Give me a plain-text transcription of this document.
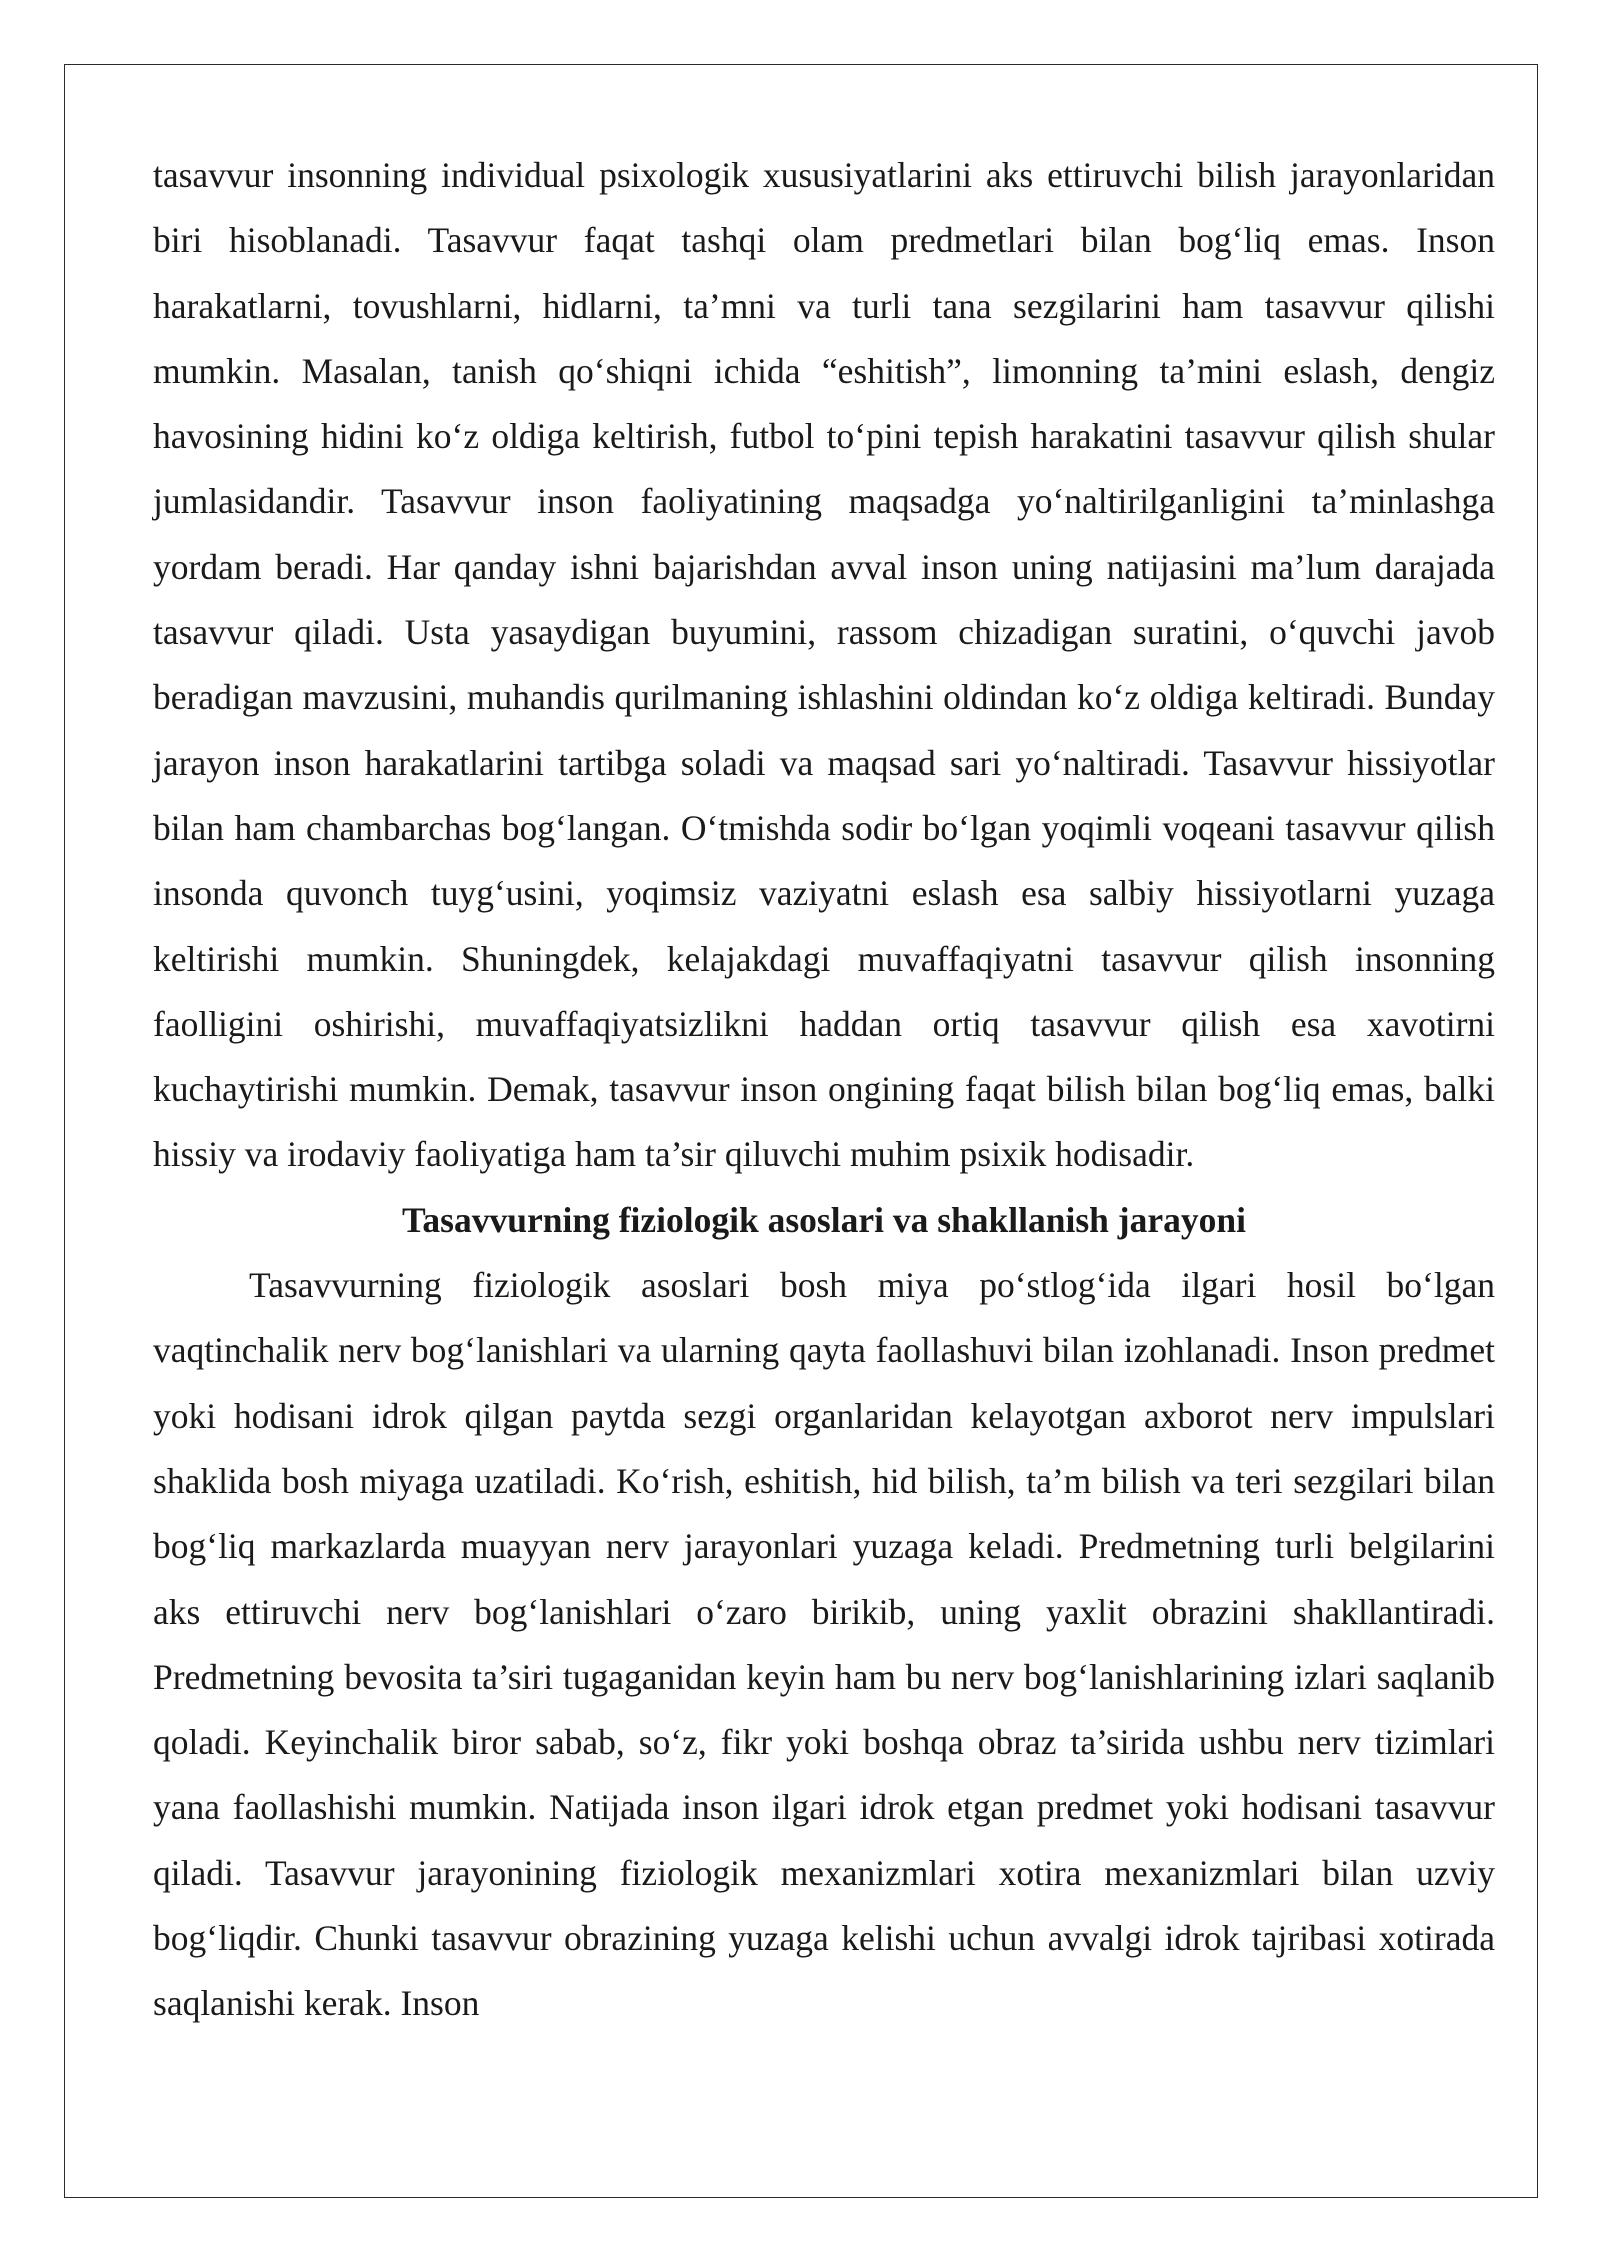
tasavvur insonning individual psixologik xususiyatlarini aks ettiruvchi bilish jarayonlaridan biri hisoblanadi. Tasavvur faqat tashqi olam predmetlari bilan bog‘liq emas. Inson harakatlarni, tovushlarni, hidlarni, ta’mni va turli tana sezgilarini ham tasavvur qilishi mumkin. Masalan, tanish qo‘shiqni ichida “eshitish”, limonning ta’mini eslash, dengiz havosining hidini ko‘z oldiga keltirish, futbol to‘pini tepish harakatini tasavvur qilish shular jumlasidandir. Tasavvur inson faoliyatining maqsadga yo‘naltirilganligini ta’minlashga yordam beradi. Har qanday ishni bajarishdan avval inson uning natijasini ma’lum darajada tasavvur qiladi. Usta yasaydigan buyumini, rassom chizadigan suratini, o‘quvchi javob beradigan mavzusini, muhandis qurilmaning ishlashini oldindan ko‘z oldiga keltiradi. Bunday jarayon inson harakatlarini tartibga soladi va maqsad sari yo‘naltiradi. Tasavvur hissiyotlar bilan ham chambarchas bog‘langan. O‘tmishda sodir bo‘lgan yoqimli voqeani tasavvur qilish insonda quvonch tuyg‘usini, yoqimsiz vaziyatni eslash esa salbiy hissiyotlarni yuzaga keltirishi mumkin. Shuningdek, kelajakdagi muvaffaqiyatni tasavvur qilish insonning faolligini oshirishi, muvaffaqiyatsizlikni haddan ortiq tasavvur qilish esa xavotirni kuchaytirishi mumkin. Demak, tasavvur inson ongining faqat bilish bilan bog‘liq emas, balki hissiy va irodaviy faoliyatiga ham ta’sir qiluvchi muhim psixik hodisadir.

Tasavvurning fiziologik asoslari va shakllanish jarayoni

Tasavvurning fiziologik asoslari bosh miya po‘stlog‘ida ilgari hosil bo‘lgan vaqtinchalik nerv bog‘lanishlari va ularning qayta faollashuvi bilan izohlanadi. Inson predmet yoki hodisani idrok qilgan paytda sezgi organlaridan kelayotgan axborot nerv impulslari shaklida bosh miyaga uzatiladi. Ko‘rish, eshitish, hid bilish, ta’m bilish va teri sezgilari bilan bog‘liq markazlarda muayyan nerv jarayonlari yuzaga keladi. Predmetning turli belgilarini aks ettiruvchi nerv bog‘lanishlari o‘zaro birikib, uning yaxlit obrazini shakllantiradi. Predmetning bevosita ta’siri tugaganidan keyin ham bu nerv bog‘lanishlarining izlari saqlanib qoladi. Keyinchalik biror sabab, so‘z, fikr yoki boshqa obraz ta’sirida ushbu nerv tizimlari yana faollashishi mumkin. Natijada inson ilgari idrok etgan predmet yoki hodisani tasavvur qiladi. Tasavvur jarayonining fiziologik mexanizmlari xotira mexanizmlari bilan uzviy bog‘liqdir. Chunki tasavvur obrazining yuzaga kelishi uchun avvalgi idrok tajribasi xotirada saqlanishi kerak. Inson
